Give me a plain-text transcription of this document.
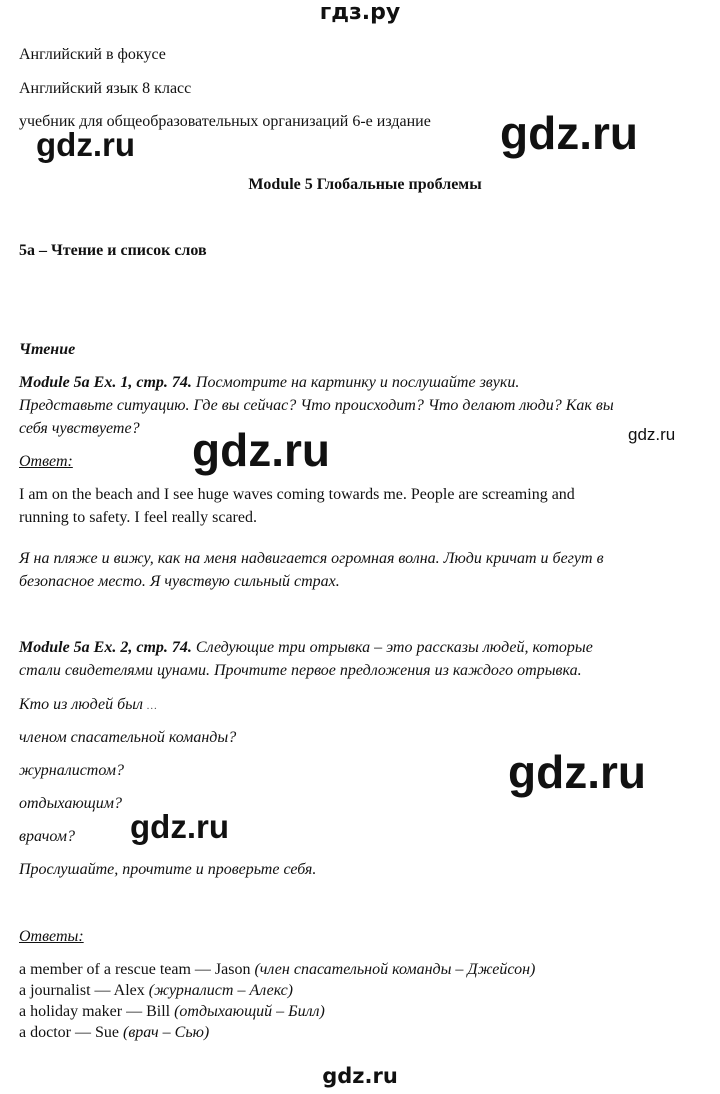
гдз.ру
Английский в фокусе
Английский язык 8 класс
учебник для общеобразовательных организаций 6-е издание
gdz.ru	gdz.ru
Module 5 Глобальные проблемы
5a – Чтение и список слов
Чтение
Module 5a Ex. 1, стр. 74. Посмотрите на картинку и послушайте звуки.
Представьте ситуацию. Где вы сейчас? Что происходит? Что делают люди? Как вы
себя чувствуете?	gdz.ru
gdz.ru
Ответ:
I am on the beach and I see huge waves coming towards me. People are screaming and
running to safety. I feel really scared.
Я на пляже и вижу, как на меня надвигается огромная волна. Люди кричат и бегут в
безопасное место. Я чувствую сильный страх.
Module 5a Ex. 2, стр. 74. Следующие три отрывка – это рассказы людей, которые
стали свидетелями цунами. Прочтите первое предложения из каждого отрывка.
Кто из людей был …
членом спасательной команды?
журналистом?
отдыхающим?
врачом?
gdz.ru
gdz.ru
Прослушайте, прочтите и проверьте себя.
Ответы:
a member of a rescue team — Jason (член спасательной команды – Джейсон)
a journalist — Alex (журналист – Алекс)
a holiday maker — Bill (отдыхающий – Билл)
a doctor — Sue (врач – Сью)
gdz.ru
